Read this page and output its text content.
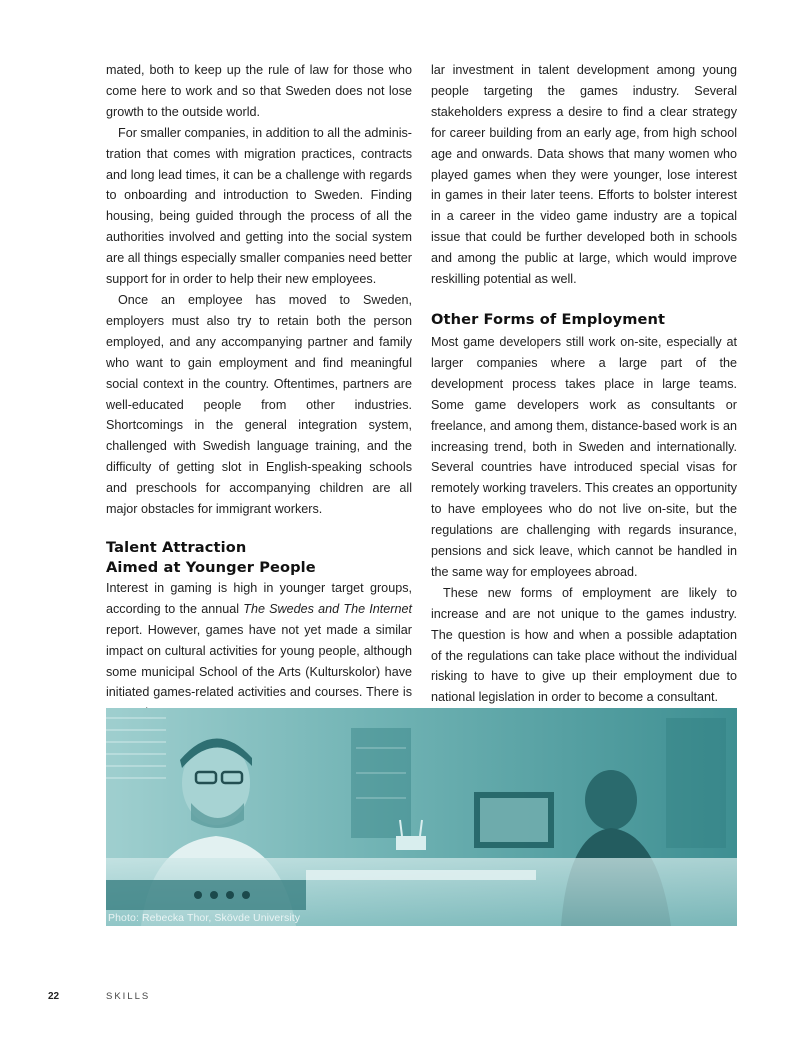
mated, both to keep up the rule of law for those who come here to work and so that Sweden does not lose growth to the outside world.

For smaller companies, in addition to all the administration that comes with migration practices, contracts and long lead times, it can be a challenge with regards to onboarding and introduction to Sweden. Finding housing, being guided through the process of all the authorities involved and getting into the social system are all things especially smaller companies need better support for in order to help their new employees.

Once an employee has moved to Sweden, employers must also try to retain both the person employed, and any accompanying partner and family who want to gain employment and find meaningful social context in the country. Oftentimes, partners are well-educated people from other industries. Shortcomings in the general integration system, challenged with Swedish language training, and the difficulty of getting slot in English-speaking schools and preschools for accompanying children are all major obstacles for immigrant workers.

Talent Attraction
Aimed at Younger People

Interest in gaming is high in younger target groups, according to the annual The Swedes and The Internet report. However, games have not yet made a similar impact on cultural activities for young people, although some municipal School of the Arts (Kulturskolor) have initiated games-related activities and courses. There is

lar investment in talent development among young people targeting the games industry. Several stakeholders express a desire to find a clear strategy for career building from an early age, from high school age and onwards. Data shows that many women who played games when they were younger, lose interest in games in their later teens. Efforts to bolster interest in a career in the video game industry are a topical issue that could be further developed both in schools and among the public at large, which would improve reskilling potential as well.

Other Forms of Employment

Most game developers still work on-site, especially at larger companies where a large part of the development process takes place in large teams. Some game developers work as consultants or freelance, and among them, distance-based work is an increasing trend, both in Sweden and internationally. Several countries have introduced special visas for remotely working travelers. This creates an opportunity to have employees who do not live on-site, but the regulations are challenging with regards insurance, pensions and sick leave, which cannot be handled in the same way for employees abroad.

These new forms of employment are likely to increase and are not unique to the games industry. The question is how and when a possible adaptation of the regulations can take place without the individual risking to have to give up their employment due to national legislation in order to become a consultant.

Photo: Rebecka Thor, Skövde University
22	SKILLS
